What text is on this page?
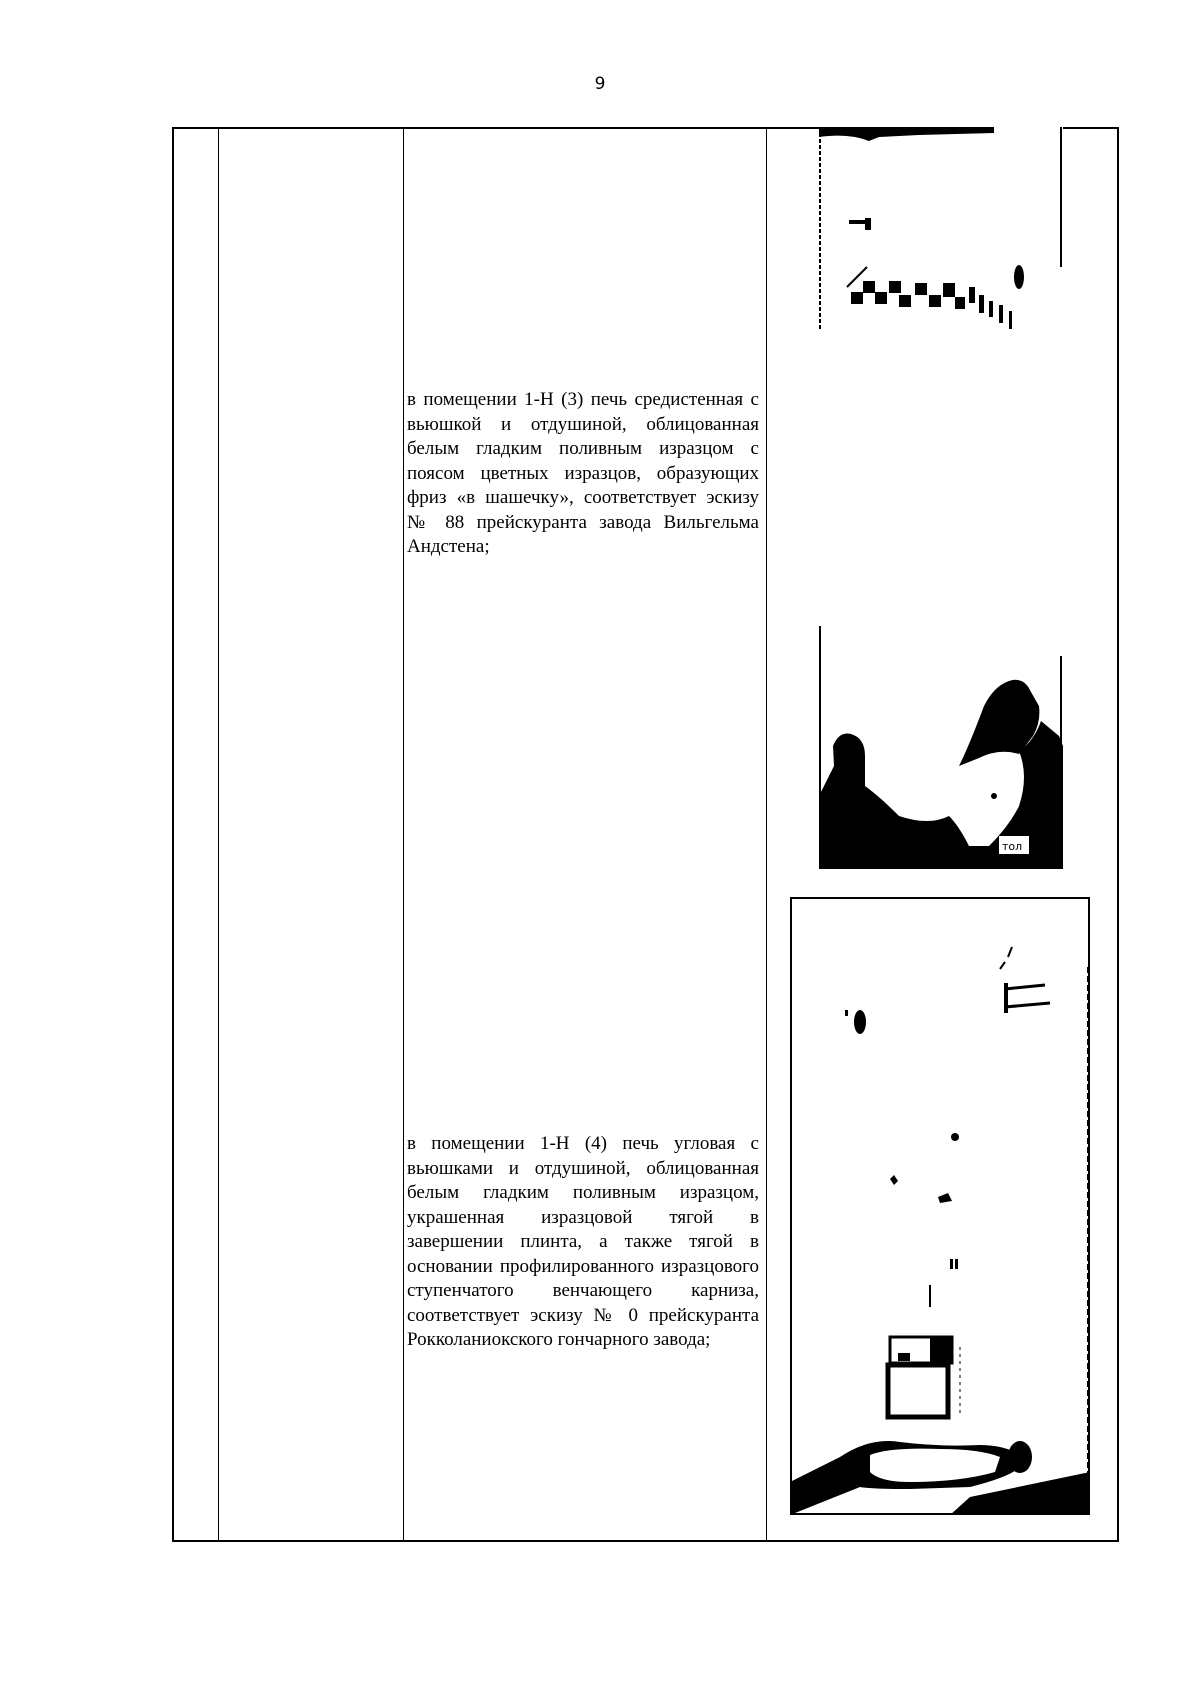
9
в помещении 1-Н (3) печь средистенная с вьюшкой и отдушиной, облицованная белым гладким поливным изразцом с поясом цветных изразцов, образующих фриз «в шашечку», соответствует эскизу № 88 прейскуранта завода Вильгельма Андстена;
в помещении 1-Н (4) печь угловая с вьюшками и отдушиной, облицованная белым гладким поливным изразцом, украшенная изразцовой тягой в завершении плинта, а также тягой в основании профилированного изразцового ступенчатого венчающего карниза, соответствует эскизу № 0 прейскуранта Рокколаниокского гончарного завода;
тол
